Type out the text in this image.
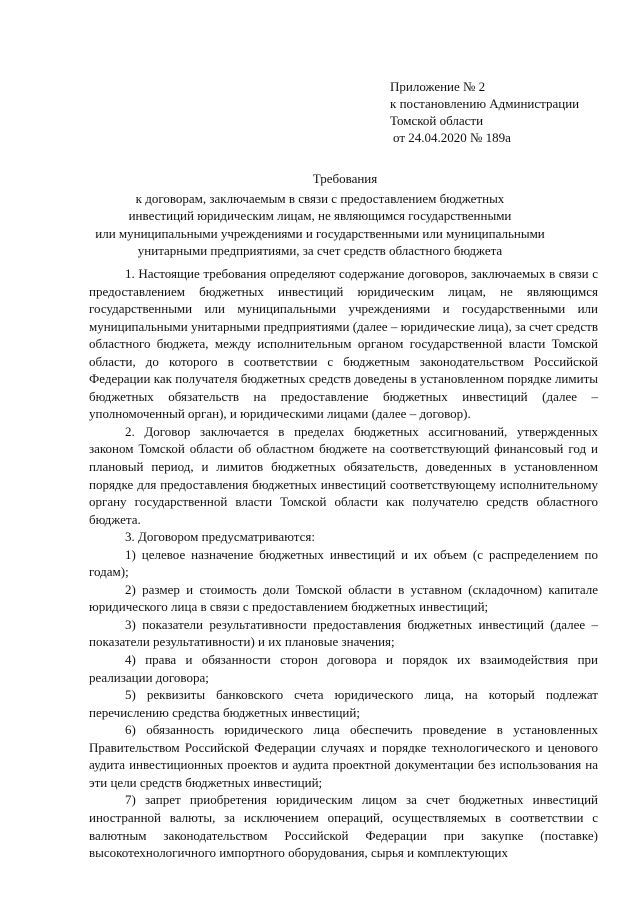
Приложение № 2
к постановлению Администрации
Томской области
от 24.04.2020 № 189а
Требования
к договорам, заключаемым в связи с предоставлением бюджетных
инвестиций юридическим лицам, не являющимся государственными
или муниципальными учреждениями и государственными или муниципальными
унитарными предприятиями, за счет средств областного бюджета

1. Настоящие требования определяют содержание договоров, заключаемых в связи с предоставлением бюджетных инвестиций юридическим лицам, не являющимся государственными или муниципальными учреждениями и государственными или муниципальными унитарными предприятиями (далее – юридические лица), за счет средств областного бюджета, между исполнительным органом государственной власти Томской области, до которого в соответствии с бюджетным законодательством Российской Федерации как получателя бюджетных средств доведены в установленном порядке лимиты бюджетных обязательств на предоставление бюджетных инвестиций (далее – уполномоченный орган), и юридическими лицами (далее – договор).

2. Договор заключается в пределах бюджетных ассигнований, утвержденных законом Томской области об областном бюджете на соответствующий финансовый год и плановый период, и лимитов бюджетных обязательств, доведенных в установленном порядке для предоставления бюджетных инвестиций соответствующему исполнительному органу государственной власти Томской области как получателю средств областного бюджета.

3. Договором предусматриваются:

1) целевое назначение бюджетных инвестиций и их объем (с распределением по годам);

2) размер и стоимость доли Томской области в уставном (складочном) капитале юридического лица в связи с предоставлением бюджетных инвестиций;

3) показатели результативности предоставления бюджетных инвестиций (далее – показатели результативности) и их плановые значения;

4) права и обязанности сторон договора и порядок их взаимодействия при реализации договора;

5) реквизиты банковского счета юридического лица, на который подлежат перечислению средства бюджетных инвестиций;

6) обязанность юридического лица обеспечить проведение в установленных Правительством Российской Федерации случаях и порядке технологического и ценового аудита инвестиционных проектов и аудита проектной документации без использования на эти цели средств бюджетных инвестиций;

7) запрет приобретения юридическим лицом за счет бюджетных инвестиций иностранной валюты, за исключением операций, осуществляемых в соответствии с валютным законодательством Российской Федерации при закупке (поставке) высокотехнологичного импортного оборудования, сырья и комплектующих
